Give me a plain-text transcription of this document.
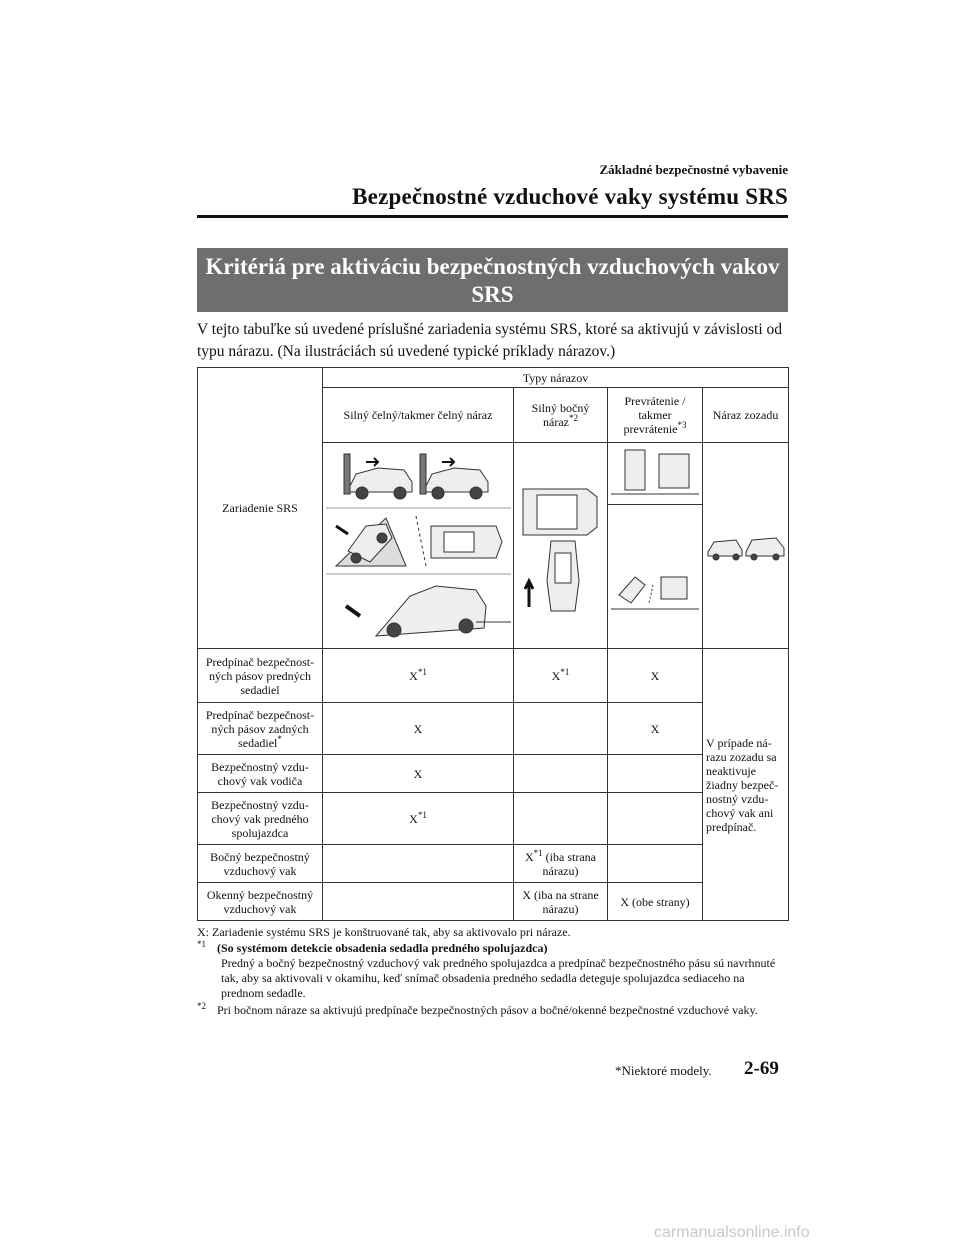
Základné bezpečnostné vybavenie
Bezpečnostné vzduchové vaky systému SRS
Kritériá pre aktiváciu bezpečnostných vzduchových vakov
SRS
V tejto tabuľke sú uvedené príslušné zariadenia systému SRS, ktoré sa aktivujú v závislosti od typu nárazu. (Na ilustráciách sú uvedené typické príklady nárazov.)
Zariadenie SRS	Typy nárazov			
	Silný čelný/takmer čelný náraz	Silný bočný náraz$^{*2}$	Prevrátenie / takmer prevrátenie$^{*3}$	Náraz zozadu

Predpínač bezpečnost-ných pásov predných sedadiel	$X^{*1}$	$X^{*1}$	X	V prípade ná-razu zozadu sa neaktivuje žiadny bezpeč-nostný vzdu-chový vak ani predpínač.
Predpínač bezpečnost-ných pásov zadných sedadiel*	X		X	
Bezpečnostný vzdu-chový vak vodiča	X			
Bezpečnostný vzdu-chový vak predného spolujazdca	$X^{*1}$		
Bočný bezpečnostný vzduchový vak		$X^{*1}$ (iba strana nárazu)		
Okenný bezpečnostný vzduchový vak		X (iba na strane nárazu)	X (obe strany)	
X: Zariadenie systému SRS je konštruované tak, aby sa aktivovalo pri náraze.
$^{*1}$ (So systémom detekcie obsadenia sedadla predného spolujazdca)
Predný a bočný bezpečnostný vzduchový vak predného spolujazdca a predpínač bezpečnostného pásu sú navrhnuté tak, aby sa aktivovali v okamihu, keď snímač obsadenia predného sedadla deteguje spolujazdca sediaceho na prednom sedadle.
$^{*2}$ Pri bočnom náraze sa aktivujú predpínače bezpečnostných pásov a bočné/okenné bezpečnostné vzduchové vaky.
*Niektoré modely. 2-69
carmanualsonline.info
